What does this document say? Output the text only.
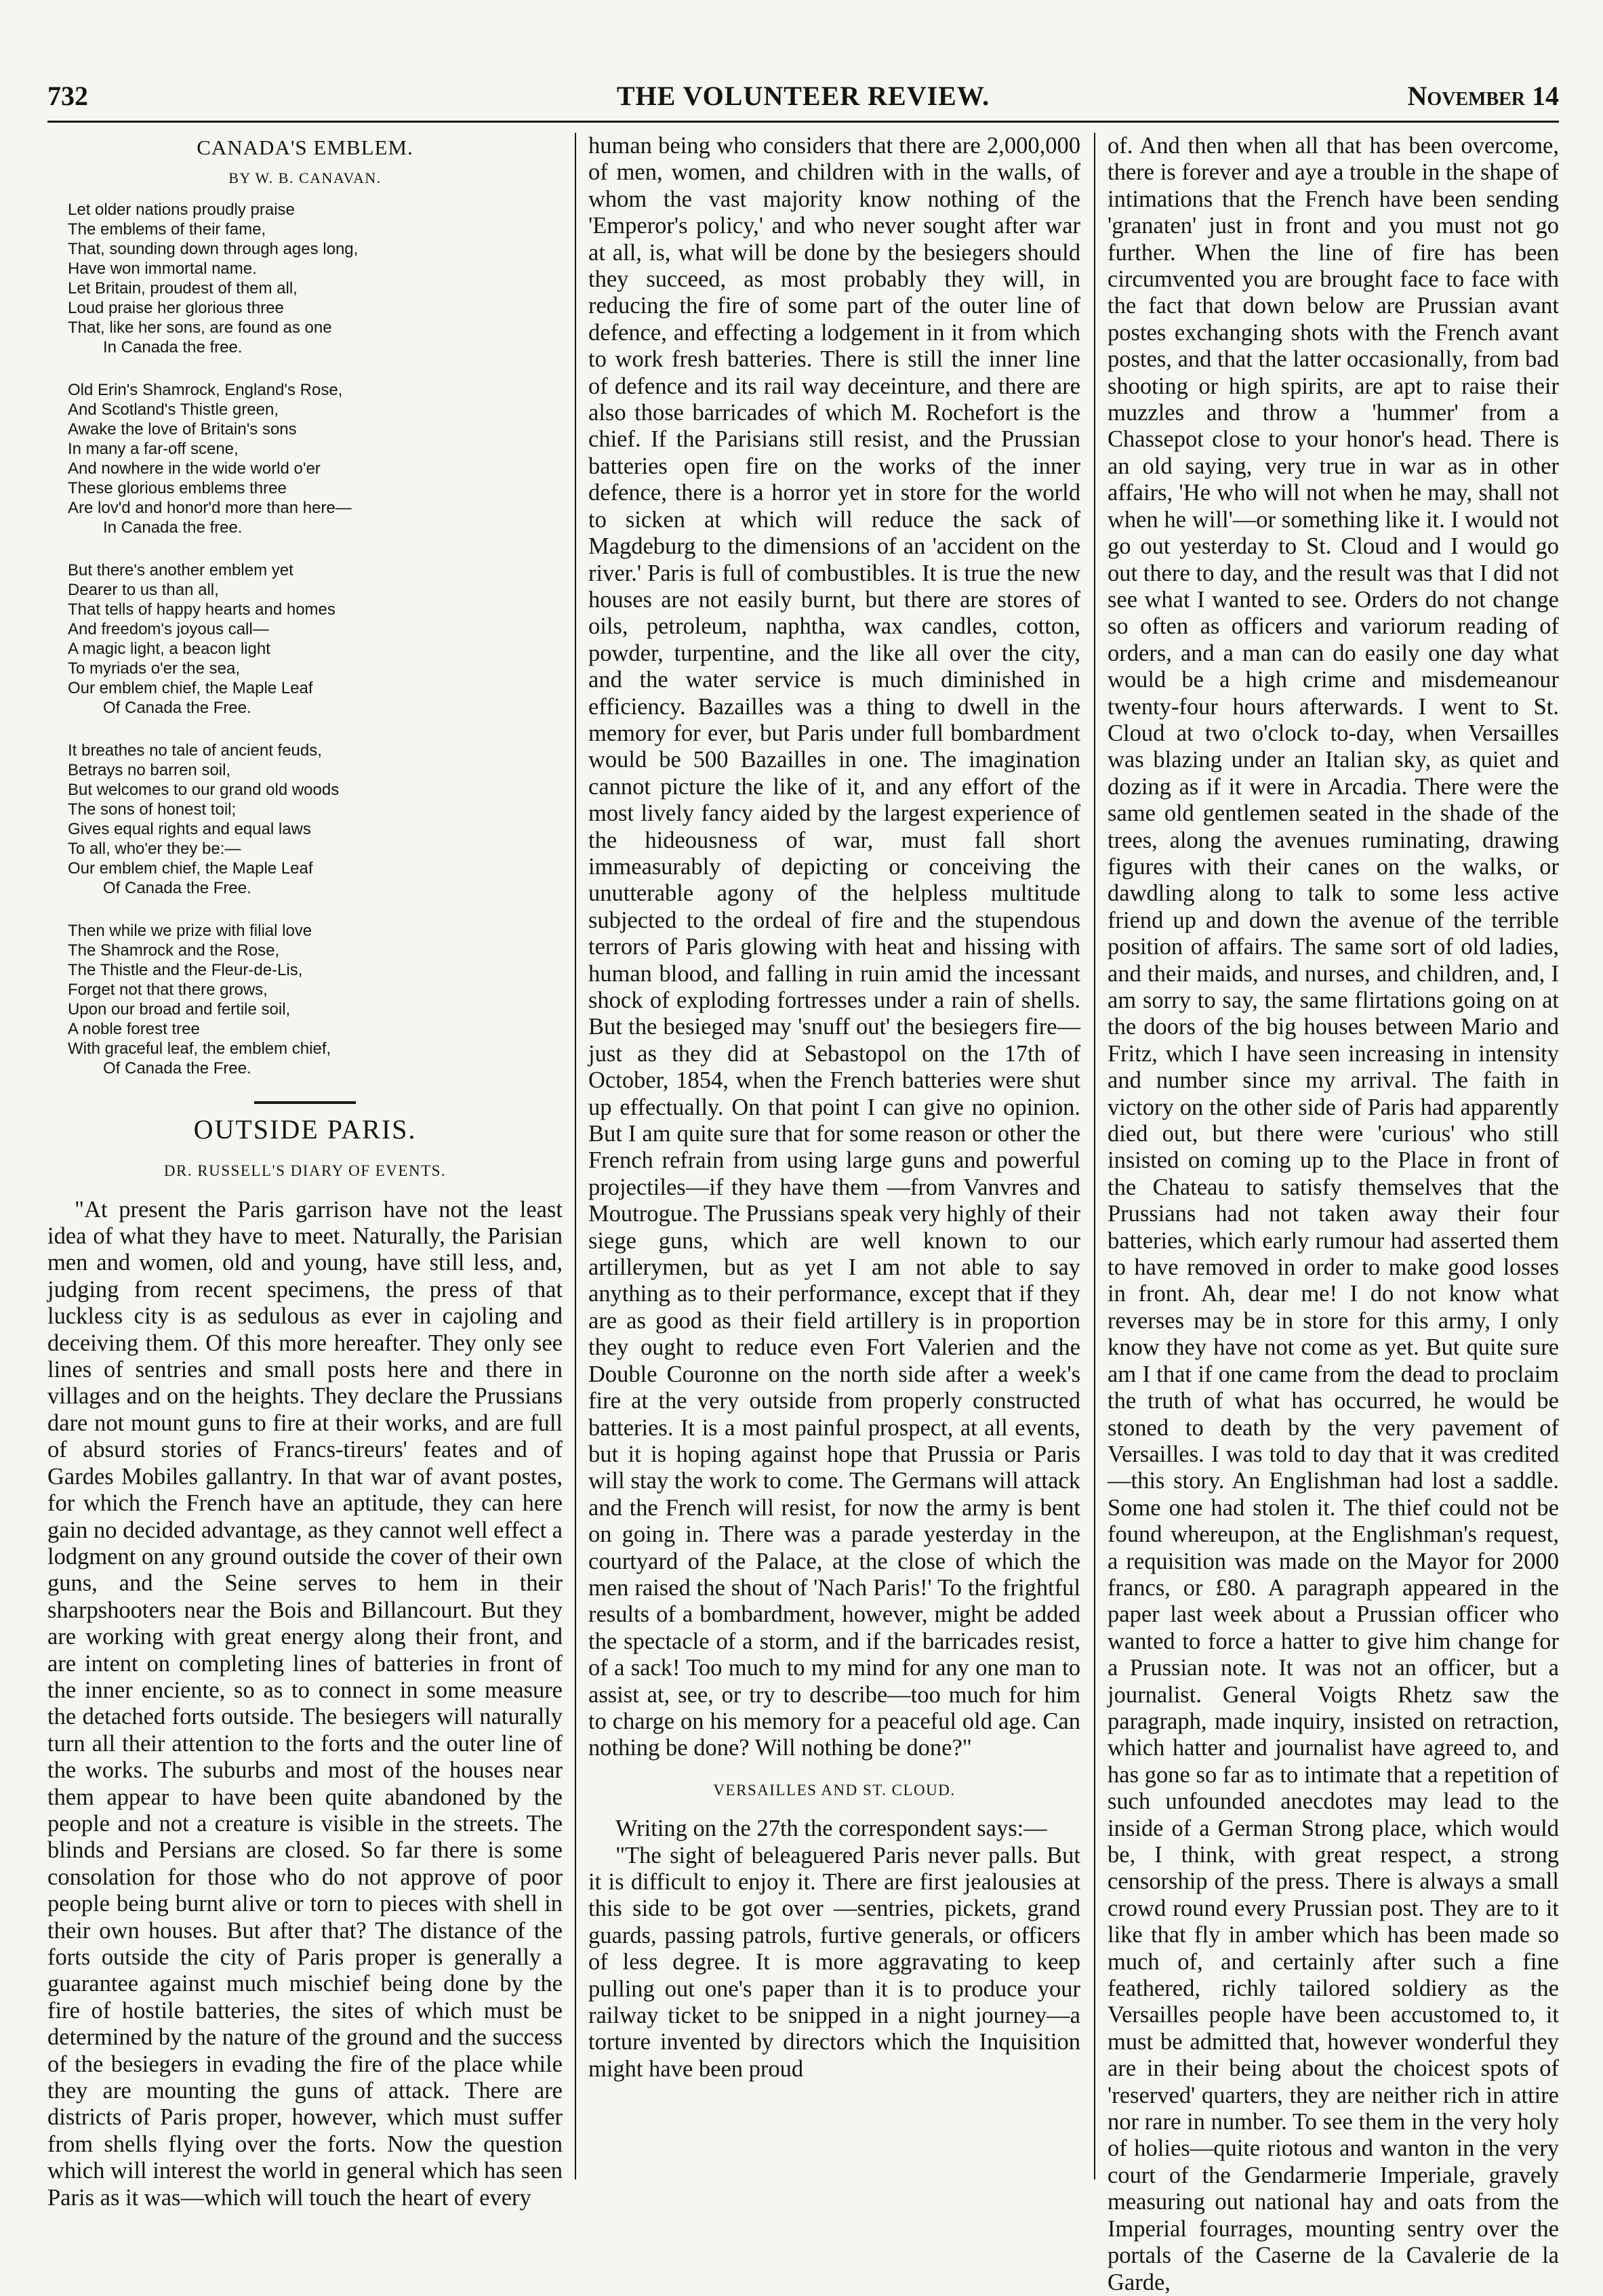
732	THE VOLUNTEER REVIEW.	November 14
CANADA'S EMBLEM.
BY W. B. CANAVAN.
Let older nations proudly praise
The emblems of their fame,
That, sounding down through ages long,
Have won immortal name.
Let Britain, proudest of them all,
Loud praise her glorious three
That, like her sons, are found as one
In Canada the free.
Old Erin's Shamrock, England's Rose,
And Scotland's Thistle green,
Awake the love of Britain's sons
In many a far-off scene,
And nowhere in the wide world o'er
These glorious emblems three
Are lov'd and honor'd more than here—
In Canada the free.
But there's another emblem yet
Dearer to us than all,
That tells of happy hearts and homes
And freedom's joyous call—
A magic light, a beacon light
To myriads o'er the sea,
Our emblem chief, the Maple Leaf
Of Canada the Free.
It breathes no tale of ancient feuds,
Betrays no barren soil,
But welcomes to our grand old woods
The sons of honest toil;
Gives equal rights and equal laws
To all, who'er they be:—
Our emblem chief, the Maple Leaf
Of Canada the Free.
Then while we prize with filial love
The Shamrock and the Rose,
The Thistle and the Fleur-de-Lis,
Forget not that there grows,
Upon our broad and fertile soil,
A noble forest tree
With graceful leaf, the emblem chief,
Of Canada the Free.
OUTSIDE PARIS.
DR. RUSSELL'S DIARY OF EVENTS.

"At present the Paris garrison have not the least idea of what they have to meet. Naturally, the Parisian men and women, old and young, have still less, and, judging from recent specimens, the press of that luckless city is as sedulous as ever in cajoling and deceiving them. Of this more hereafter. They only see lines of sentries and small posts here and there in villages and on the heights. They declare the Prussians dare not mount guns to fire at their works, and are full of absurd stories of Francs-tireurs' feates and of Gardes Mobiles gallantry. In that war of avant postes, for which the French have an aptitude, they can here gain no decided advantage, as they cannot well effect a lodgment on any ground outside the cover of their own guns, and the Seine serves to hem in their sharpshooters near the Bois and Billancourt. But they are working with great energy along their front, and are intent on completing lines of batteries in front of the inner enciente, so as to connect in some measure the detached forts outside. The besiegers will naturally turn all their attention to the forts and the outer line of the works. The suburbs and most of the houses near them appear to have been quite abandoned by the people and not a creature is visible in the streets. The blinds and Persians are closed. So far there is some consolation for those who do not approve of poor people being burnt alive or torn to pieces with shell in their own houses. But after that? The distance of the forts outside the city of Paris proper is generally a guarantee against much mischief being done by the fire of hostile batteries, the sites of which must be determined by the nature of the ground and the success of the besiegers in evading the fire of the place while they are mounting the guns of attack. There are districts of Paris proper, however, which must suffer from shells flying over the forts. Now the question which will interest the world in general which has seen Paris as it was—which will touch the heart of every

human being who considers that there are 2,000,000 of men, women, and children with in the walls, of whom the vast majority know nothing of the 'Emperor's policy,' and who never sought after war at all, is, what will be done by the besiegers should they succeed, as most probably they will, in reducing the fire of some part of the outer line of defence, and effecting a lodgement in it from which to work fresh batteries. There is still the inner line of defence and its rail way deceinture, and there are also those barricades of which M. Rochefort is the chief. If the Parisians still resist, and the Prussian batteries open fire on the works of the inner defence, there is a horror yet in store for the world to sicken at which will reduce the sack of Magdeburg to the dimensions of an 'accident on the river.' Paris is full of combustibles. It is true the new houses are not easily burnt, but there are stores of oils, petroleum, naphtha, wax candles, cotton, powder, turpentine, and the like all over the city, and the water service is much diminished in efficiency. Bazailles was a thing to dwell in the memory for ever, but Paris under full bombardment would be 500 Bazailles in one. The imagination cannot picture the like of it, and any effort of the most lively fancy aided by the largest experience of the hideousness of war, must fall short immeasurably of depicting or conceiving the unutterable agony of the helpless multitude subjected to the ordeal of fire and the stupendous terrors of Paris glowing with heat and hissing with human blood, and falling in ruin amid the incessant shock of exploding fortresses under a rain of shells. But the besieged may 'snuff out' the besiegers fire—just as they did at Sebastopol on the 17th of October, 1854, when the French batteries were shut up effectually. On that point I can give no opinion. But I am quite sure that for some reason or other the French refrain from using large guns and powerful projectiles—if they have them —from Vanvres and Moutrogue. The Prussians speak very highly of their siege guns, which are well known to our artillerymen, but as yet I am not able to say anything as to their performance, except that if they are as good as their field artillery is in proportion they ought to reduce even Fort Valerien and the Double Couronne on the north side after a week's fire at the very outside from properly constructed batteries. It is a most painful prospect, at all events, but it is hoping against hope that Prussia or Paris will stay the work to come. The Germans will attack and the French will resist, for now the army is bent on going in. There was a parade yesterday in the courtyard of the Palace, at the close of which the men raised the shout of 'Nach Paris!' To the frightful results of a bombardment, however, might be added the spectacle of a storm, and if the barricades resist, of a sack! Too much to my mind for any one man to assist at, see, or try to describe—too much for him to charge on his memory for a peaceful old age. Can nothing be done? Will nothing be done?"

VERSAILLES AND ST. CLOUD.

Writing on the 27th the correspondent says:—

"The sight of beleaguered Paris never palls. But it is difficult to enjoy it. There are first jealousies at this side to be got over —sentries, pickets, grand guards, passing patrols, furtive generals, or officers of less degree. It is more aggravating to keep pulling out one's paper than it is to produce your railway ticket to be snipped in a night journey—a torture invented by directors which the Inquisition might have been proud

of. And then when all that has been overcome, there is forever and aye a trouble in the shape of intimations that the French have been sending 'granaten' just in front and you must not go further. When the line of fire has been circumvented you are brought face to face with the fact that down below are Prussian avant postes exchanging shots with the French avant postes, and that the latter occasionally, from bad shooting or high spirits, are apt to raise their muzzles and throw a 'hummer' from a Chassepot close to your honor's head. There is an old saying, very true in war as in other affairs, 'He who will not when he may, shall not when he will'—or something like it. I would not go out yesterday to St. Cloud and I would go out there to day, and the result was that I did not see what I wanted to see. Orders do not change so often as officers and variorum reading of orders, and a man can do easily one day what would be a high crime and misdemeanour twenty-four hours afterwards. I went to St. Cloud at two o'clock to-day, when Versailles was blazing under an Italian sky, as quiet and dozing as if it were in Arcadia. There were the same old gentlemen seated in the shade of the trees, along the avenues ruminating, drawing figures with their canes on the walks, or dawdling along to talk to some less active friend up and down the avenue of the terrible position of affairs. The same sort of old ladies, and their maids, and nurses, and children, and, I am sorry to say, the same flirtations going on at the doors of the big houses between Mario and Fritz, which I have seen increasing in intensity and number since my arrival. The faith in victory on the other side of Paris had apparently died out, but there were 'curious' who still insisted on coming up to the Place in front of the Chateau to satisfy themselves that the Prussians had not taken away their four batteries, which early rumour had asserted them to have removed in order to make good losses in front. Ah, dear me! I do not know what reverses may be in store for this army, I only know they have not come as yet. But quite sure am I that if one came from the dead to proclaim the truth of what has occurred, he would be stoned to death by the very pavement of Versailles. I was told to day that it was credited—this story. An Englishman had lost a saddle. Some one had stolen it. The thief could not be found whereupon, at the Englishman's request, a requisition was made on the Mayor for 2000 francs, or £80. A paragraph appeared in the paper last week about a Prussian officer who wanted to force a hatter to give him change for a Prussian note. It was not an officer, but a journalist. General Voigts Rhetz saw the paragraph, made inquiry, insisted on retraction, which hatter and journalist have agreed to, and has gone so far as to intimate that a repetition of such unfounded anecdotes may lead to the inside of a German Strong place, which would be, I think, with great respect, a strong censorship of the press. There is always a small crowd round every Prussian post. They are to it like that fly in amber which has been made so much of, and certainly after such a fine feathered, richly tailored soldiery as the Versailles people have been accustomed to, it must be admitted that, however wonderful they are in their being about the choicest spots of 'reserved' quarters, they are neither rich in attire nor rare in number. To see them in the very holy of holies—quite riotous and wanton in the very court of the Gendarmerie Imperiale, gravely measuring out national hay and oats from the Imperial fourrages, mounting sentry over the portals of the Caserne de la Cavalerie de la Garde,
